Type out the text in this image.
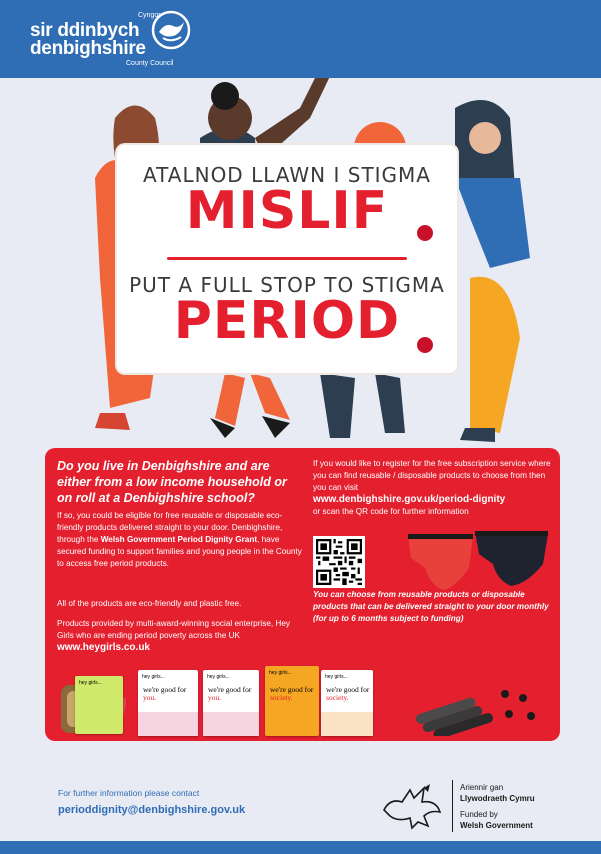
Cyngor
sir ddinbych
denbighshire
County Council
ATALNOD LLAWN I STIGMA
MISLIF
PUT A FULL STOP TO STIGMA
PERIOD
Do you live in Denbighshire and are either from a low income household or on roll at a Denbighshire school?
If so, you could be eligible for free reusable or disposable eco-friendly products delivered straight to your door. Denbighshire, through the Welsh Government Period Dignity Grant, have secured funding to support families and young people in the County to access free period products.
All of the products are eco-friendly and plastic free.
Products provided by multi-award-winning social enterprise, Hey Girls who are ending period poverty across the UK www.heygirls.co.uk
If you would like to register for the free subscription service where you can find reusable / disposable products to choose from then you can visit
www.denbighshire.gov.uk/period-dignity
or scan the QR code for further information
You can choose from reusable products or disposable products that can be delivered straight to your door monthly (for up to 6 months subject to funding)
hey girls...
hey girls...
we're good for
you.
hey girls...
we're good for
you.
hey girls...
we're good for
society.
hey girls...
we're good for
society.
For further information please contact
perioddignity@denbighshire.gov.uk
Ariennir gan
Llywodraeth Cymru
Funded by
Welsh Government
